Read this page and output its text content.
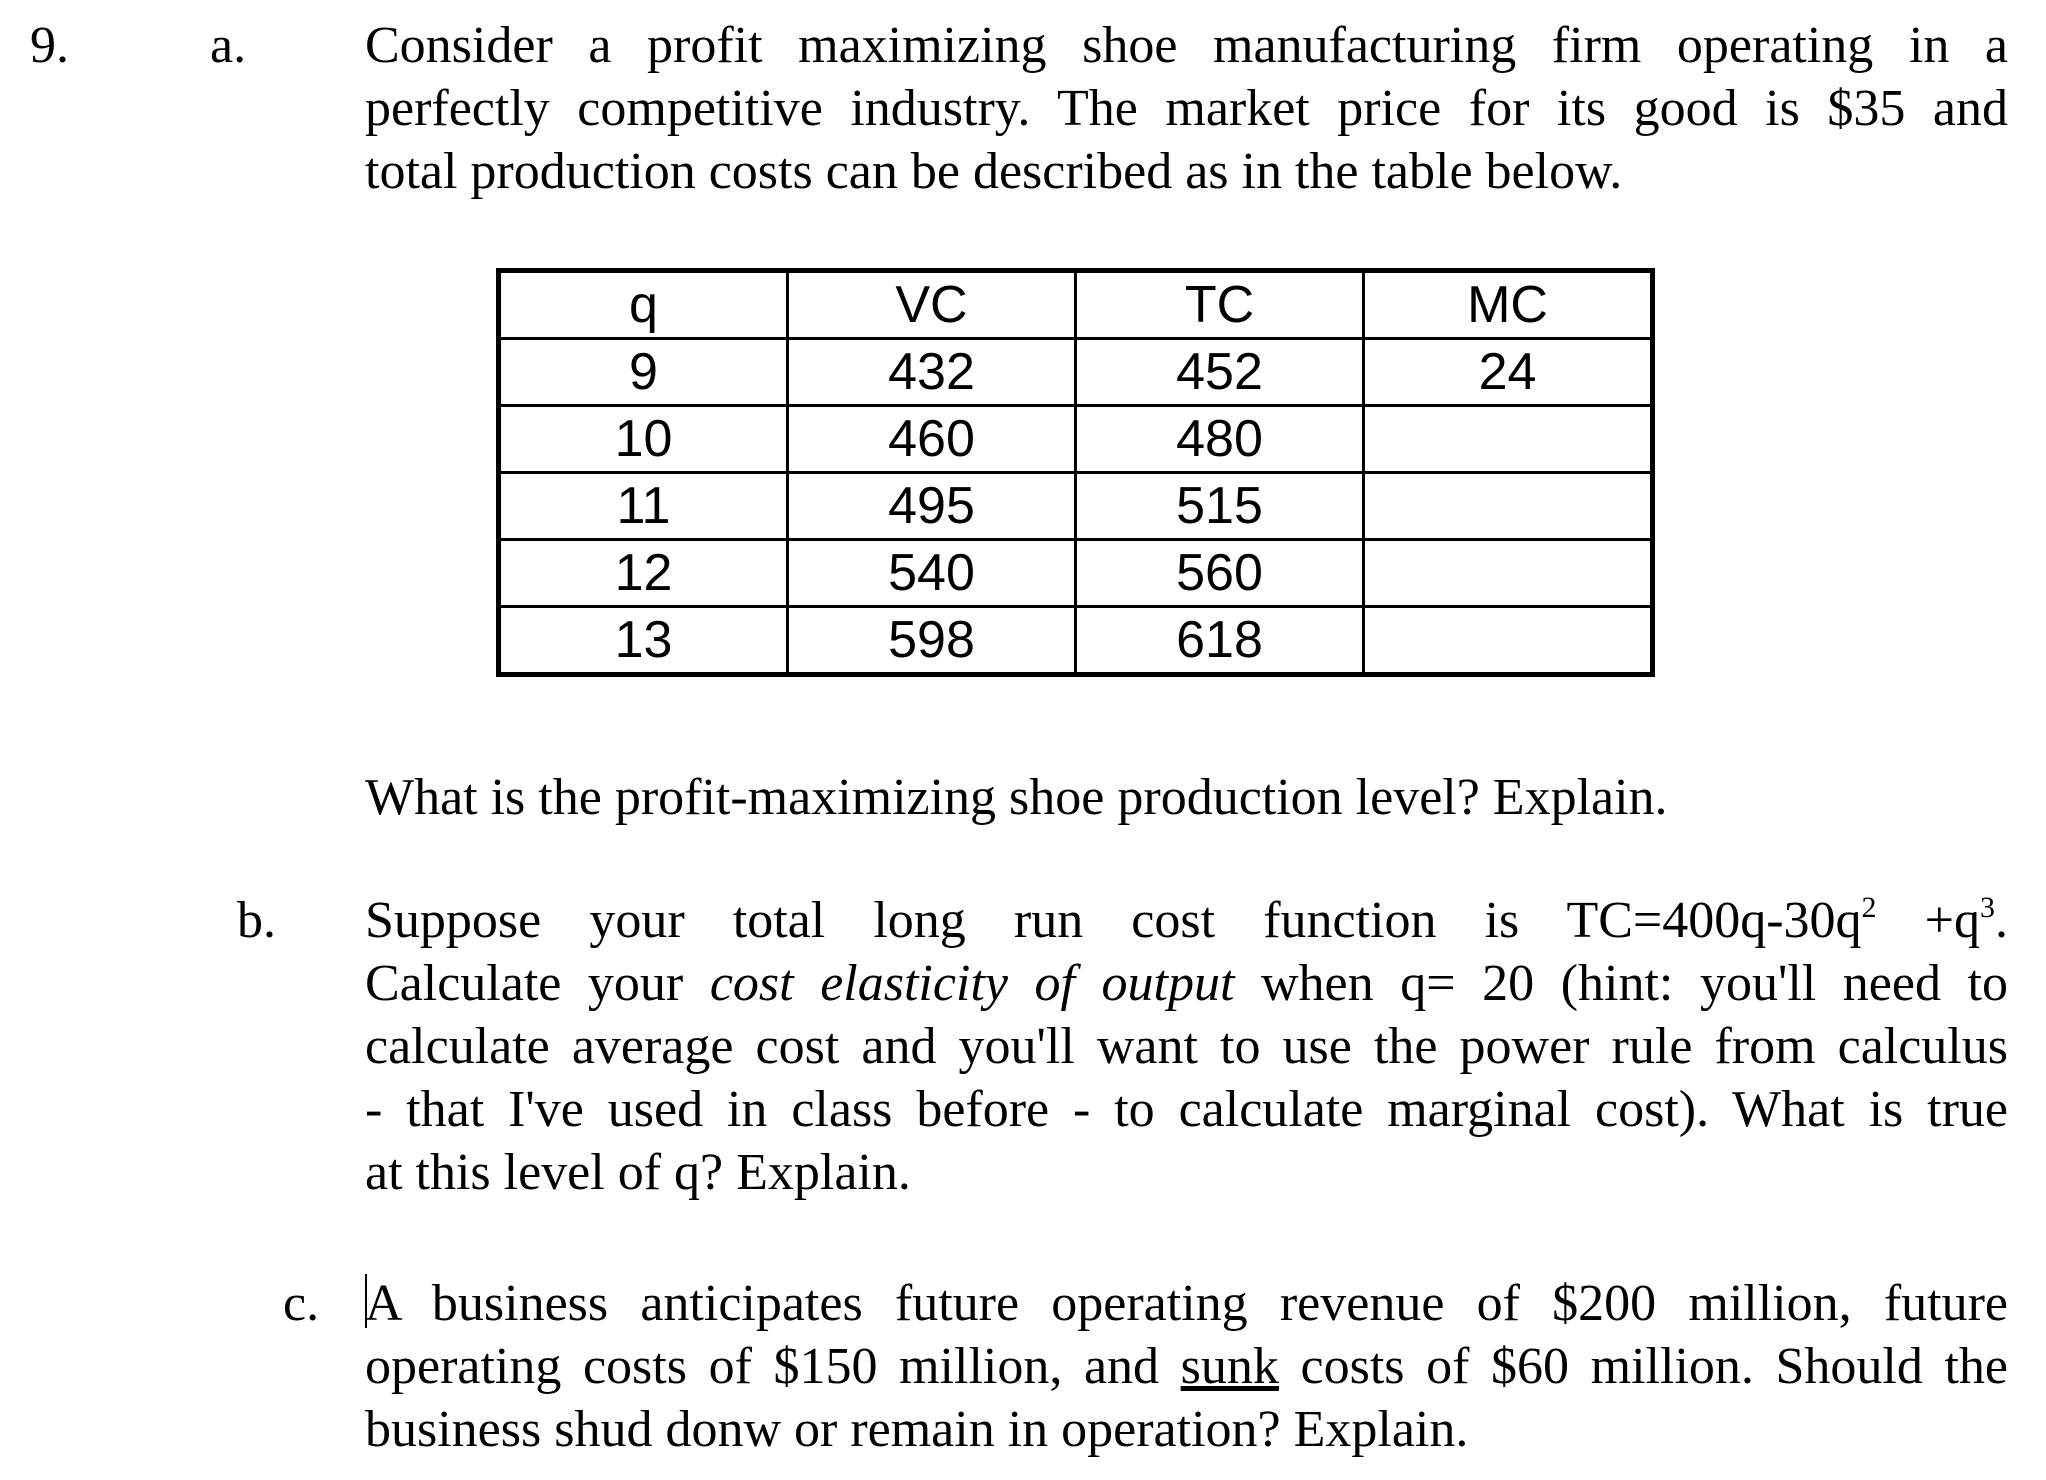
9.	a. Consider a profit maximizing shoe manufacturing firm operating in a
perfectly competitive industry. The market price for its good is $35 and
total production costs can be described as in the table below.
q	VC	TC	MC
9	432	452	24
10	460	480	
11	495	515	
12	540	560	
13	598	618	
What is the profit-maximizing shoe production level? Explain.
b. Suppose your total long run cost function is $TC=400q-30q^2 +q^3$.
Calculate your cost elasticity of output when q= 20 (hint: you'll need to
calculate average cost and you'll want to use the power rule from calculus
- that I've used in class before - to calculate marginal cost). What is true
at this level of q? Explain.
c. A business anticipates future operating revenue of $200 million, future
operating costs of $150 million, and sunk costs of $60 million. Should the
business shud donw or remain in operation? Explain.
